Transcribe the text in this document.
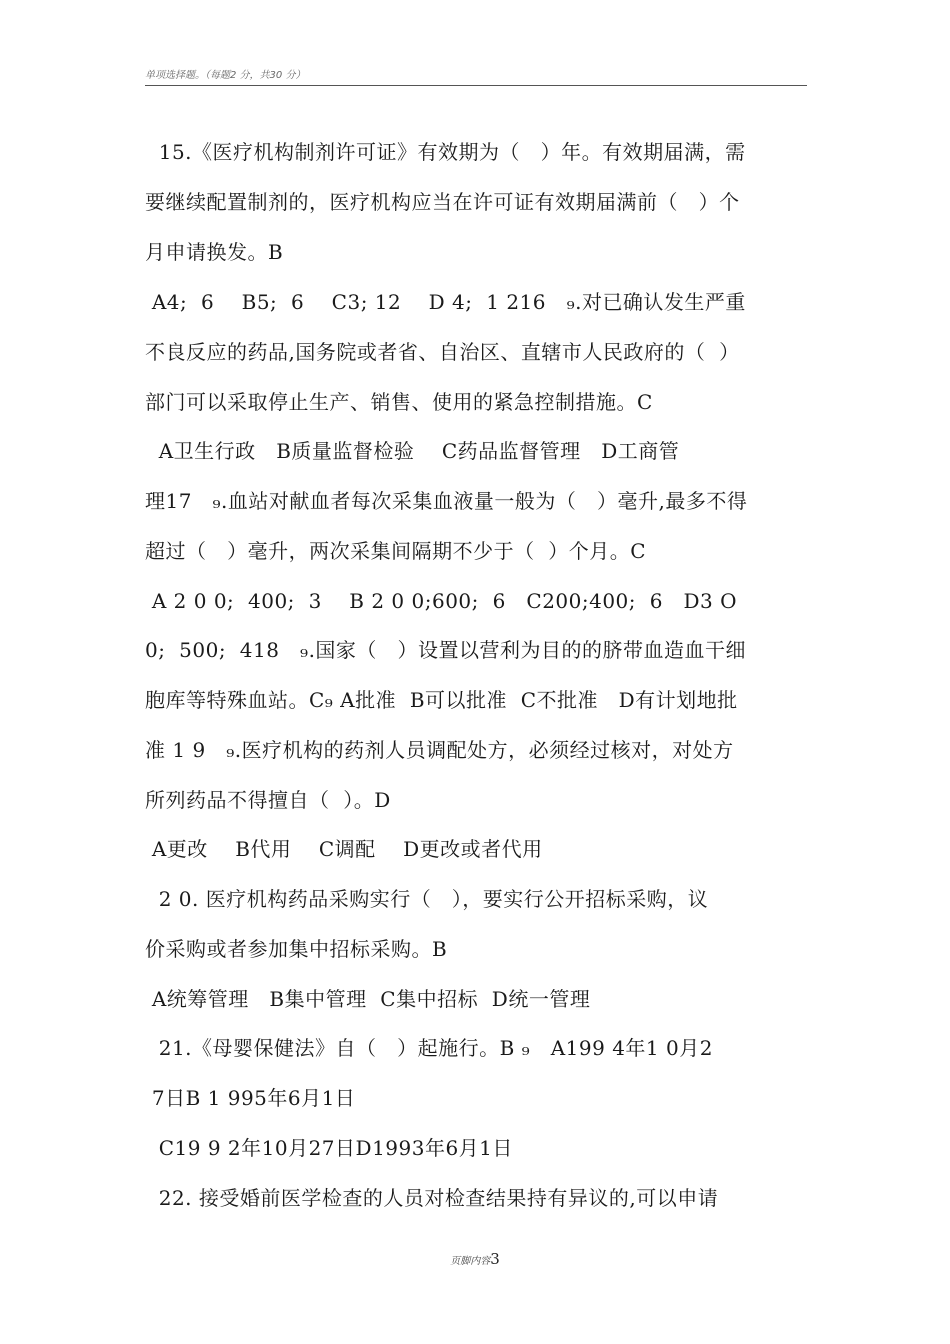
单项选择题。（每题2 分，共30 分）
15.《医疗机构制剂许可证》有效期为（   ）年。有效期届满，需
要继续配置制剂的，医疗机构应当在许可证有效期届满前（   ）个
月申请换发。B
A4;  6    B5;  6    C3; 12    D 4;  1 216   ₉.对已确认发生严重
不良反应的药品,国务院或者省、自治区、直辖市人民政府的（  ）
部门可以采取停止生产、销售、使用的紧急控制措施。C
A卫生行政   B质量监督检验    C药品监督管理   D工商管
理17   ₉.血站对献血者每次采集血液量一般为（   ）毫升,最多不得
超过（   ）毫升，两次采集间隔期不少于（  ）个月。C
A 2 0 0;  400;  3    B 2 0 0;600;  6   C200;400;  6   D3 O
0;  500;  418   ₉.国家（   ）设置以营利为目的的脐带血造血干细
胞库等特殊血站。C₉ A批准  B可以批准  C不批准   D有计划地批
准 1 9   ₉.医疗机构的药剂人员调配处方，必须经过核对，对处方
所列药品不得擅自（  ）。D
A更改    B代用    C调配    D更改或者代用
2 0. 医疗机构药品采购实行（   ），要实行公开招标采购，议
价采购或者参加集中招标采购。B
A统筹管理   B集中管理  C集中招标  D统一管理
21.《母婴保健法》自（   ）起施行。B ₉   A199 4年1 0月2
7日B 1 995年6月1日
C19 9 2年10月27日D1993年6月1日
22. 接受婚前医学检查的人员对检查结果持有异议的,可以申请
页脚内容3
